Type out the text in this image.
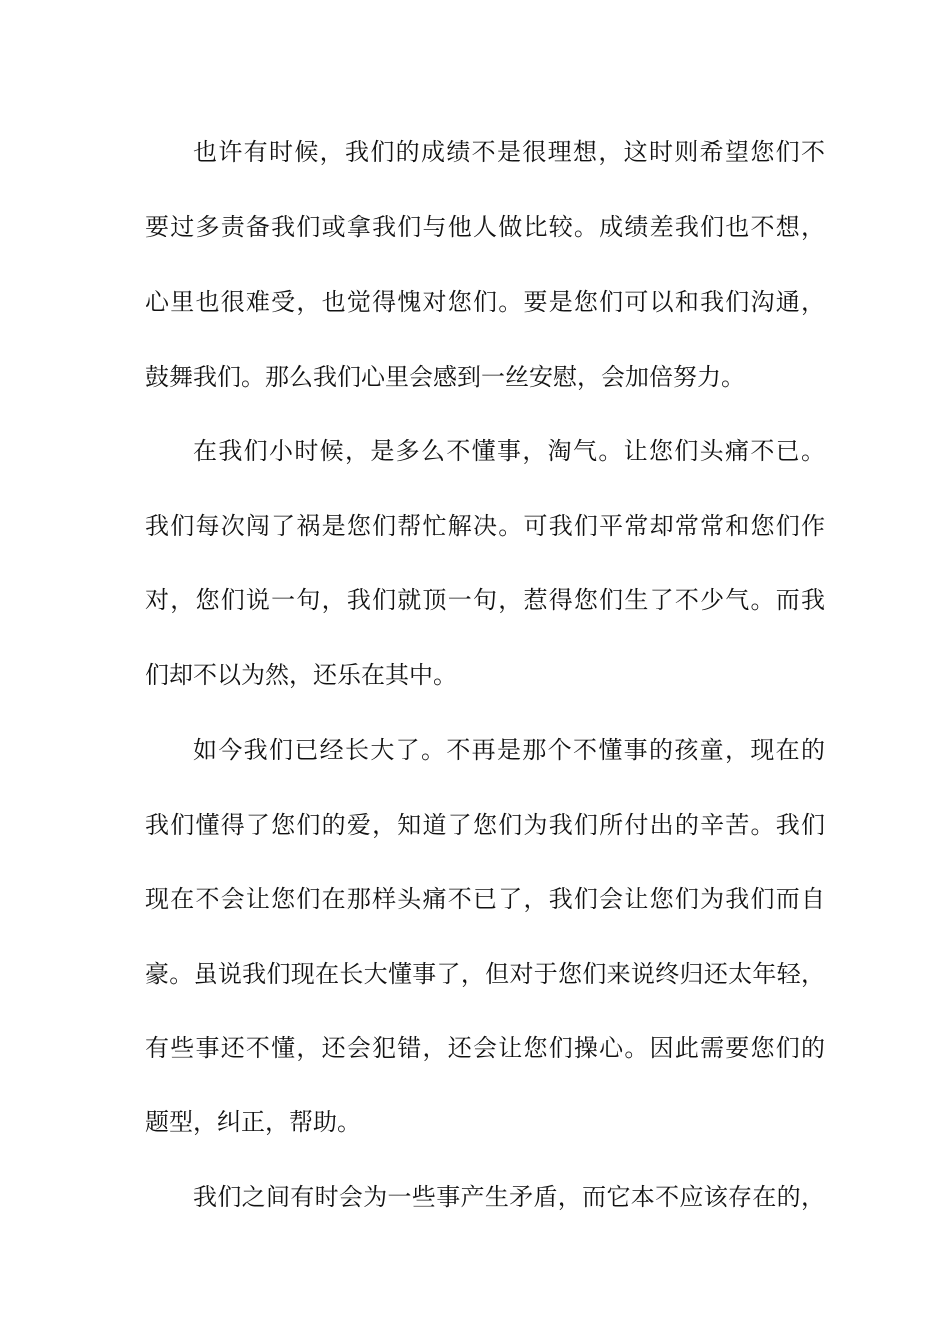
也许有时候，我们的成绩不是很理想，这时则希望您们不
要过多责备我们或拿我们与他人做比较。成绩差我们也不想，
心里也很难受，也觉得愧对您们。要是您们可以和我们沟通，
鼓舞我们。那么我们心里会感到一丝安慰，会加倍努力。
在我们小时候，是多么不懂事，淘气。让您们头痛不已。
我们每次闯了祸是您们帮忙解决。可我们平常却常常和您们作
对，您们说一句，我们就顶一句，惹得您们生了不少气。而我
们却不以为然，还乐在其中。
如今我们已经长大了。不再是那个不懂事的孩童，现在的
我们懂得了您们的爱，知道了您们为我们所付出的辛苦。我们
现在不会让您们在那样头痛不已了，我们会让您们为我们而自
豪。虽说我们现在长大懂事了，但对于您们来说终归还太年轻，
有些事还不懂，还会犯错，还会让您们操心。因此需要您们的
题型，纠正，帮助。
我们之间有时会为一些事产生矛盾，而它本不应该存在的，
